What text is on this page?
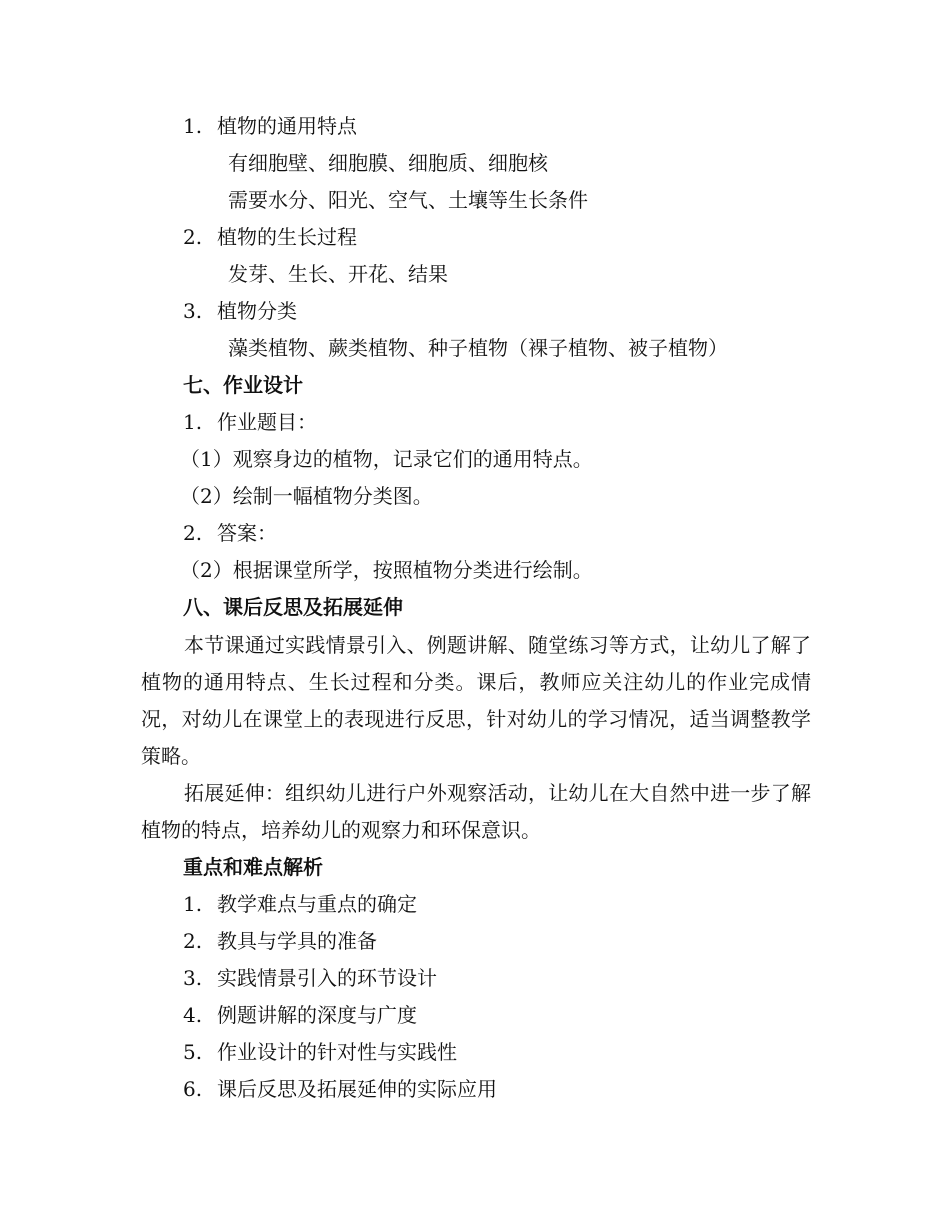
1. 植物的通用特点
有细胞壁、细胞膜、细胞质、细胞核
需要水分、阳光、空气、土壤等生长条件
2. 植物的生长过程
发芽、生长、开花、结果
3. 植物分类
藻类植物、蕨类植物、种子植物（裸子植物、被子植物）
七、作业设计
1. 作业题目：
（1）观察身边的植物，记录它们的通用特点。
（2）绘制一幅植物分类图。
2. 答案：
（2）根据课堂所学，按照植物分类进行绘制。
八、课后反思及拓展延伸
本节课通过实践情景引入、例题讲解、随堂练习等方式，让幼儿了解了植物的通用特点、生长过程和分类。课后，教师应关注幼儿的作业完成情况，对幼儿在课堂上的表现进行反思，针对幼儿的学习情况，适当调整教学策略。
拓展延伸：组织幼儿进行户外观察活动，让幼儿在大自然中进一步了解植物的特点，培养幼儿的观察力和环保意识。
重点和难点解析
1. 教学难点与重点的确定
2. 教具与学具的准备
3. 实践情景引入的环节设计
4. 例题讲解的深度与广度
5. 作业设计的针对性与实践性
6. 课后反思及拓展延伸的实际应用
